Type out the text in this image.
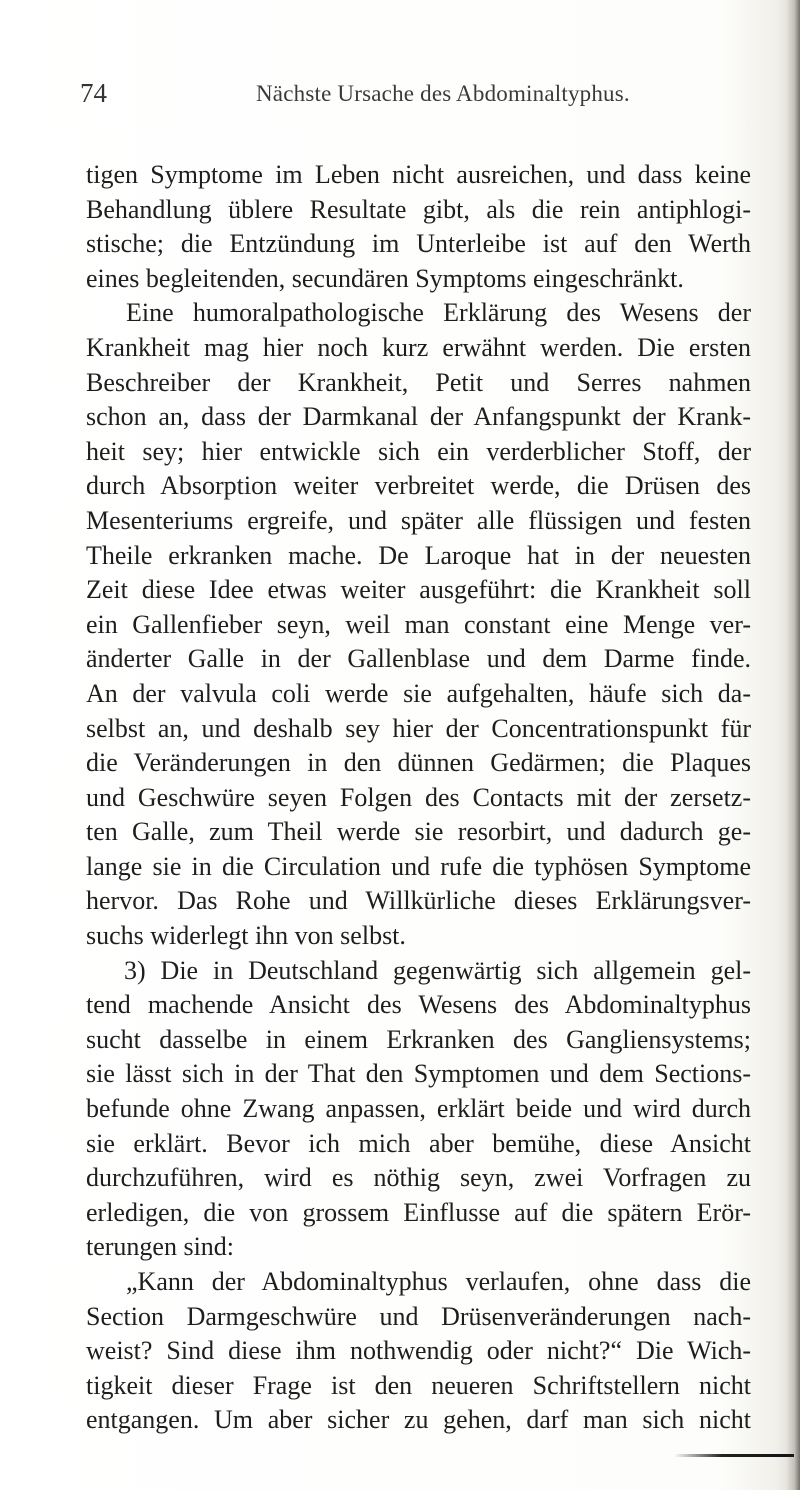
74	Nächste Ursache des Abdominaltyphus.
tigen Symptome im Leben nicht ausreichen, und dass keine
Behandlung üblere Resultate gibt, als die rein antiphlogi-
stische; die Entzündung im Unterleibe ist auf den Werth
eines begleitenden, secundären Symptoms eingeschränkt.
Eine humoralpathologische Erklärung des Wesens der
Krankheit mag hier noch kurz erwähnt werden. Die ersten
Beschreiber der Krankheit, Petit und Serres nahmen
schon an, dass der Darmkanal der Anfangspunkt der Krank-
heit sey; hier entwickle sich ein verderblicher Stoff, der
durch Absorption weiter verbreitet werde, die Drüsen des
Mesenteriums ergreife, und später alle flüssigen und festen
Theile erkranken mache. De Laroque hat in der neuesten
Zeit diese Idee etwas weiter ausgeführt: die Krankheit soll
ein Gallenfieber seyn, weil man constant eine Menge ver-
änderter Galle in der Gallenblase und dem Darme finde.
An der valvula coli werde sie aufgehalten, häufe sich da-
selbst an, und deshalb sey hier der Concentrationspunkt für
die Veränderungen in den dünnen Gedärmen; die Plaques
und Geschwüre seyen Folgen des Contacts mit der zersetz-
ten Galle, zum Theil werde sie resorbirt, und dadurch ge-
lange sie in die Circulation und rufe die typhösen Symptome
hervor. Das Rohe und Willkürliche dieses Erklärungsver-
suchs widerlegt ihn von selbst.
3) Die in Deutschland gegenwärtig sich allgemein gel-
tend machende Ansicht des Wesens des Abdominaltyphus
sucht dasselbe in einem Erkranken des Gangliensystems;
sie lässt sich in der That den Symptomen und dem Sections-
befunde ohne Zwang anpassen, erklärt beide und wird durch
sie erklärt. Bevor ich mich aber bemühe, diese Ansicht
durchzuführen, wird es nöthig seyn, zwei Vorfragen zu
erledigen, die von grossem Einflusse auf die spätern Erör-
terungen sind:
„Kann der Abdominaltyphus verlaufen, ohne dass die
Section Darmgeschwüre und Drüsenveränderungen nach-
weist? Sind diese ihm nothwendig oder nicht?“ Die Wich-
tigkeit dieser Frage ist den neueren Schriftstellern nicht
entgangen. Um aber sicher zu gehen, darf man sich nicht
